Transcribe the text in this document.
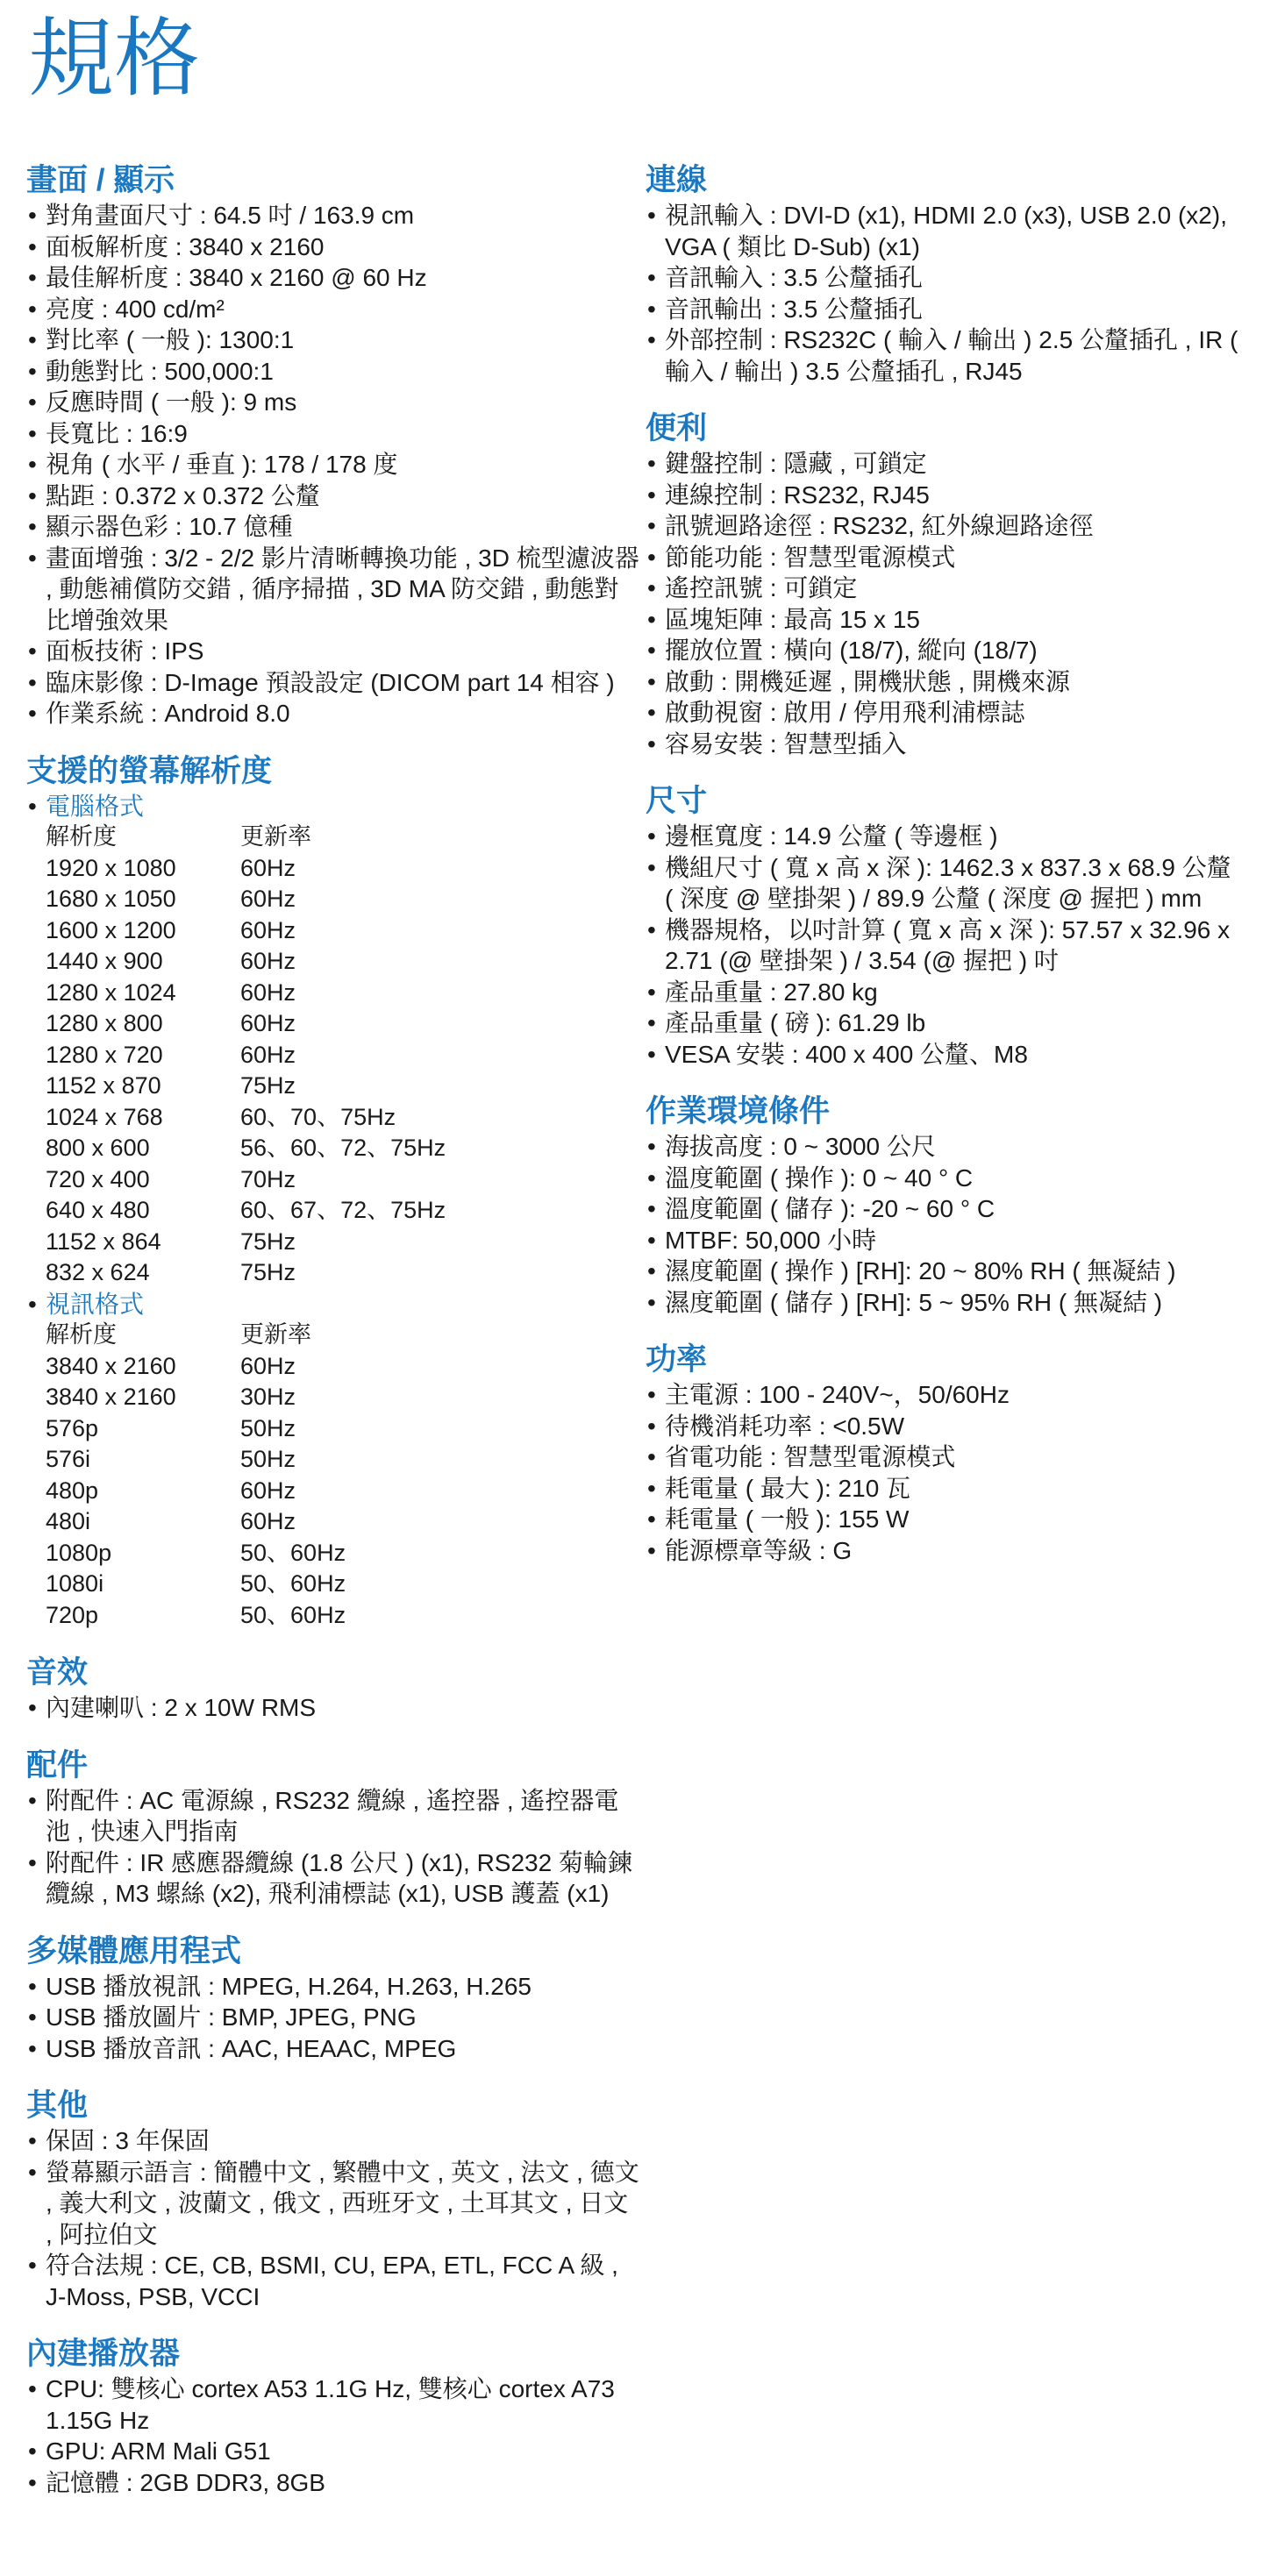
規格
畫面 / 顯示
• 對角畫面尺寸 : 64.5 吋 / 163.9 cm
• 面板解析度 : 3840 x 2160
• 最佳解析度 : 3840 x 2160 @ 60 Hz
• 亮度 : 400 cd/m²
• 對比率 ( 一般 ): 1300:1
• 動態對比 : 500,000:1
• 反應時間 ( 一般 ): 9 ms
• 長寬比 : 16:9
• 視角 ( 水平 / 垂直 ): 178 / 178 度
• 點距 : 0.372 x 0.372 公釐
• 顯示器色彩 : 10.7 億種
• 畫面增強 : 3/2 - 2/2 影片清晰轉換功能 , 3D 梳型濾波器 , 動態補償防交錯 , 循序掃描 , 3D MA 防交錯 , 動態對比增強效果
• 面板技術 : IPS
• 臨床影像 : D-Image 預設設定 (DICOM part 14 相容 )
• 作業系統 : Android 8.0
支援的螢幕解析度
• 電腦格式
解析度	更新率
1920 x 1080	60Hz
1680 x 1050	60Hz
1600 x 1200	60Hz
1440 x 900	60Hz
1280 x 1024	60Hz
1280 x 800	60Hz
1280 x 720	60Hz
1152 x 870	75Hz
1024 x 768	60、70、75Hz
800 x 600	56、60、72、75Hz
720 x 400	70Hz
640 x 480	60、67、72、75Hz
1152 x 864	75Hz
832 x 624	75Hz
• 視訊格式
解析度	更新率
3840 x 2160	60Hz
3840 x 2160	30Hz
576p	50Hz
576i	50Hz
480p	60Hz
480i	60Hz
1080p	50、60Hz
1080i	50、60Hz
720p	50、60Hz
音效
• 內建喇叭 : 2 x 10W RMS
配件
• 附配件 : AC 電源線 , RS232 纜線 , 遙控器 , 遙控器電池 , 快速入門指南
• 附配件 : IR 感應器纜線 (1.8 公尺 ) (x1), RS232 菊輪鍊纜線 , M3 螺絲 (x2), 飛利浦標誌 (x1), USB 護蓋 (x1)
多媒體應用程式
• USB 播放視訊 : MPEG, H.264, H.263, H.265
• USB 播放圖片 : BMP, JPEG, PNG
• USB 播放音訊 : AAC, HEAAC, MPEG
其他
• 保固 : 3 年保固
• 螢幕顯示語言 : 簡體中文 , 繁體中文 , 英文 , 法文 , 德文 , 義大利文 , 波蘭文 , 俄文 , 西班牙文 , 土耳其文 , 日文 , 阿拉伯文
• 符合法規 : CE, CB, BSMI, CU, EPA, ETL, FCC A 級 , J-Moss, PSB, VCCI
內建播放器
• CPU: 雙核心 cortex A53 1.1G Hz, 雙核心 cortex A73 1.15G Hz
• GPU: ARM Mali G51
• 記憶體 : 2GB DDR3, 8GB
連線
• 視訊輸入 : DVI-D (x1), HDMI 2.0 (x3), USB 2.0 (x2), VGA ( 類比 D-Sub) (x1)
• 音訊輸入 : 3.5 公釐插孔
• 音訊輸出 : 3.5 公釐插孔
• 外部控制 : RS232C ( 輸入 / 輸出 ) 2.5 公釐插孔 , IR ( 輸入 / 輸出 ) 3.5 公釐插孔 , RJ45
便利
• 鍵盤控制 : 隱藏 , 可鎖定
• 連線控制 : RS232, RJ45
• 訊號迴路途徑 : RS232, 紅外線迴路途徑
• 節能功能 : 智慧型電源模式
• 遙控訊號 : 可鎖定
• 區塊矩陣 : 最高 15 x 15
• 擺放位置 : 橫向 (18/7), 縱向 (18/7)
• 啟動 : 開機延遲 , 開機狀態 , 開機來源
• 啟動視窗 : 啟用 / 停用飛利浦標誌
• 容易安裝 : 智慧型插入
尺寸
• 邊框寬度 : 14.9 公釐 ( 等邊框 )
• 機組尺寸 ( 寬 x 高 x 深 ): 1462.3 x 837.3 x 68.9 公釐 ( 深度 @ 壁掛架 ) / 89.9 公釐 ( 深度 @ 握把 ) mm
• 機器規格，以吋計算 ( 寬 x 高 x 深 ): 57.57 x 32.96 x 2.71 (@ 壁掛架 ) / 3.54 (@ 握把 ) 吋
• 產品重量 : 27.80 kg
• 產品重量 ( 磅 ): 61.29 lb
• VESA 安裝 : 400 x 400 公釐、M8
作業環境條件
• 海拔高度 : 0 ~ 3000 公尺
• 溫度範圍 ( 操作 ): 0 ~ 40 ° C
• 溫度範圍 ( 儲存 ): -20 ~ 60 ° C
• MTBF: 50,000 小時
• 濕度範圍 ( 操作 ) [RH]: 20 ~ 80% RH ( 無凝結 )
• 濕度範圍 ( 儲存 ) [RH]: 5 ~ 95% RH ( 無凝結 )
功率
• 主電源 : 100 - 240V~，50/60Hz
• 待機消耗功率 : <0.5W
• 省電功能 : 智慧型電源模式
• 耗電量 ( 最大 ): 210 瓦
• 耗電量 ( 一般 ): 155 W
• 能源標章等級 : G
